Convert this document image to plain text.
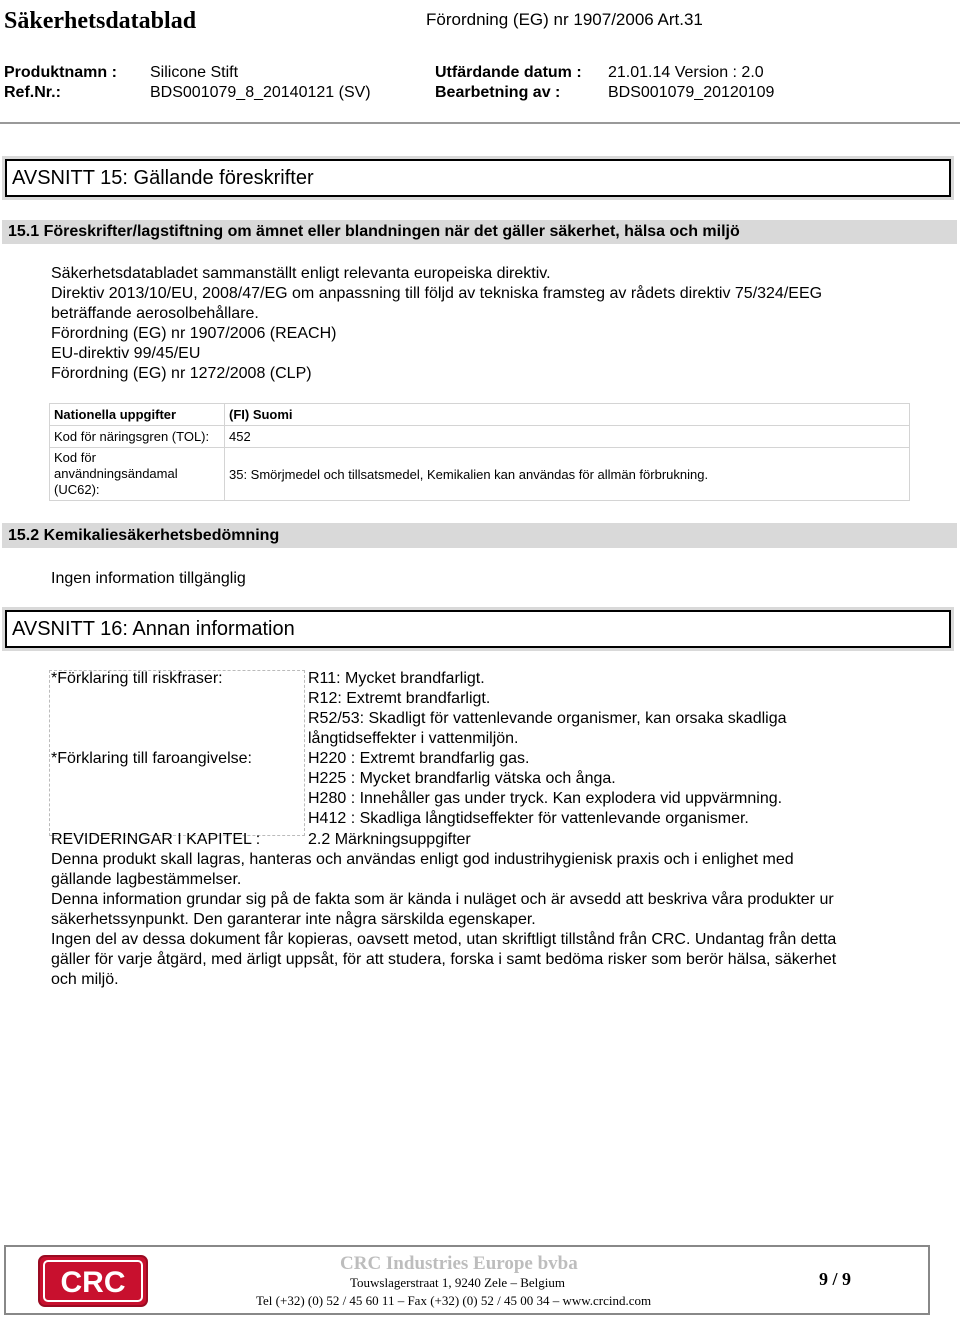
Säkerhetsdatablad	Förordning (EG) nr 1907/2006 Art.31
Produktnamn : Silicone Stift	Utfärdande datum : 21.01.14 Version : 2.0
Ref.Nr.:	BDS001079_8_20140121 (SV)	Bearbetning av :	BDS001079_20120109
AVSNITT 15: Gällande föreskrifter
15.1 Föreskrifter/lagstiftning om ämnet eller blandningen när det gäller säkerhet, hälsa och miljö
Säkerhetsdatabladet sammanställt enligt relevanta europeiska direktiv.
Direktiv 2013/10/EU, 2008/47/EG om anpassning till följd av tekniska framsteg av rådets direktiv 75/324/EEG
beträffande aerosolbehållare.
Förordning (EG) nr 1907/2006 (REACH)
EU-direktiv 99/45/EU
Förordning (EG) nr 1272/2008 (CLP)
Nationella uppgifter	(FI) Suomi
Kod för näringsgren (TOL):	452
Kod för användningsändamal (UC62):	35: Smörjmedel och tillsatsmedel, Kemikalien kan användas för allmän förbrukning.
15.2 Kemikaliesäkerhetsbedömning
Ingen information tillgänglig
AVSNITT 16: Annan information
*Förklaring till riskfraser:	R11: Mycket brandfarligt.
R12: Extremt brandfarligt.
R52/53: Skadligt för vattenlevande organismer, kan orsaka skadliga
långtidseffekter i vattenmiljön.
*Förklaring till faroangivelse:	H220 : Extremt brandfarlig gas.
H225 : Mycket brandfarlig vätska och ånga.
H280 : Innehåller gas under tryck. Kan explodera vid uppvärmning.
H412 : Skadliga långtidseffekter för vattenlevande organismer.
REVIDERINGAR I KAPITEL :	2.2 Märkningsuppgifter
Denna produkt skall lagras, hanteras och användas enligt god industrihygienisk praxis och i enlighet med
gällande lagbestämmelser.
Denna information grundar sig på de fakta som är kända i nuläget och är avsedd att beskriva våra produkter ur
säkerhetssynpunkt. Den garanterar inte några särskilda egenskaper.
Ingen del av dessa dokument får kopieras, oavsett metod, utan skriftligt tillstånd från CRC. Undantag från detta
gäller för varje åtgärd, med ärligt uppsåt, för att studera, forska i samt bedöma risker som berör hälsa, säkerhet
och miljö.
CRC
CRC Industries Europe bvba
Touwslagerstraat 1, 9240 Zele – Belgium
Tel (+32) (0) 52 / 45 60 11 – Fax (+32) (0) 52 / 45 00 34 – www.crcind.com
9 / 9
